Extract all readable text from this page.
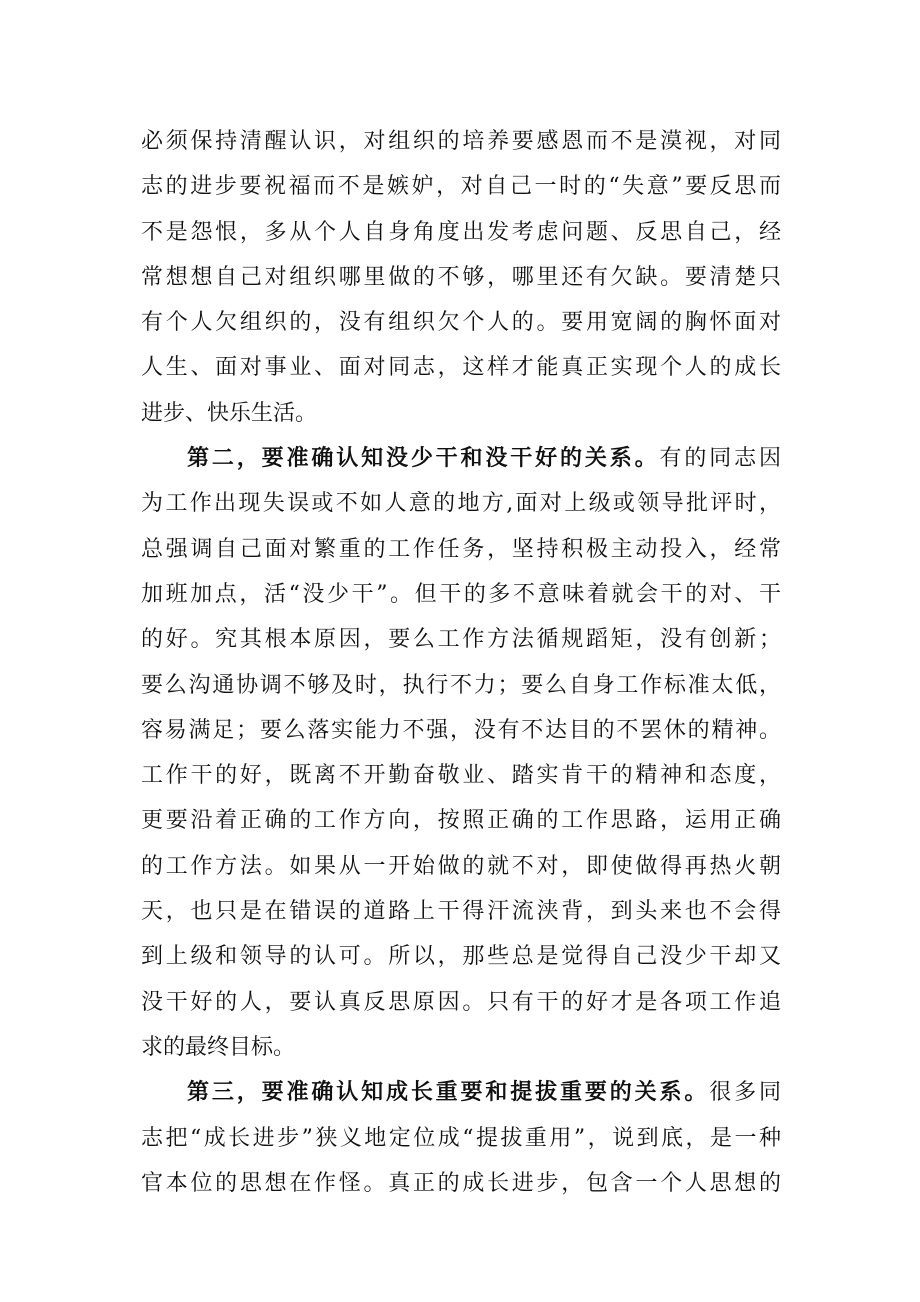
必须保持清醒认识，对组织的培养要感恩而不是漠视，对同
志的进步要祝福而不是嫉妒，对自己一时的“失意”要反思而
不是怨恨，多从个人自身角度出发考虑问题、反思自己，经
常想想自己对组织哪里做的不够，哪里还有欠缺。要清楚只
有个人欠组织的，没有组织欠个人的。要用宽阔的胸怀面对
人生、面对事业、面对同志，这样才能真正实现个人的成长
进步、快乐生活。
第二，要准确认知没少干和没干好的关系。有的同志因
为工作出现失误或不如人意的地方,面对上级或领导批评时，
总强调自己面对繁重的工作任务，坚持积极主动投入，经常
加班加点，活“没少干”。但干的多不意味着就会干的对、干
的好。究其根本原因，要么工作方法循规蹈矩，没有创新；
要么沟通协调不够及时，执行不力；要么自身工作标准太低，
容易满足；要么落实能力不强，没有不达目的不罢休的精神。
工作干的好，既离不开勤奋敬业、踏实肯干的精神和态度，
更要沿着正确的工作方向，按照正确的工作思路，运用正确
的工作方法。如果从一开始做的就不对，即使做得再热火朝
天，也只是在错误的道路上干得汗流浃背，到头来也不会得
到上级和领导的认可。所以，那些总是觉得自己没少干却又
没干好的人，要认真反思原因。只有干的好才是各项工作追
求的最终目标。
第三，要准确认知成长重要和提拔重要的关系。很多同
志把“成长进步”狭义地定位成“提拔重用”，说到底，是一种
官本位的思想在作怪。真正的成长进步，包含一个人思想的
